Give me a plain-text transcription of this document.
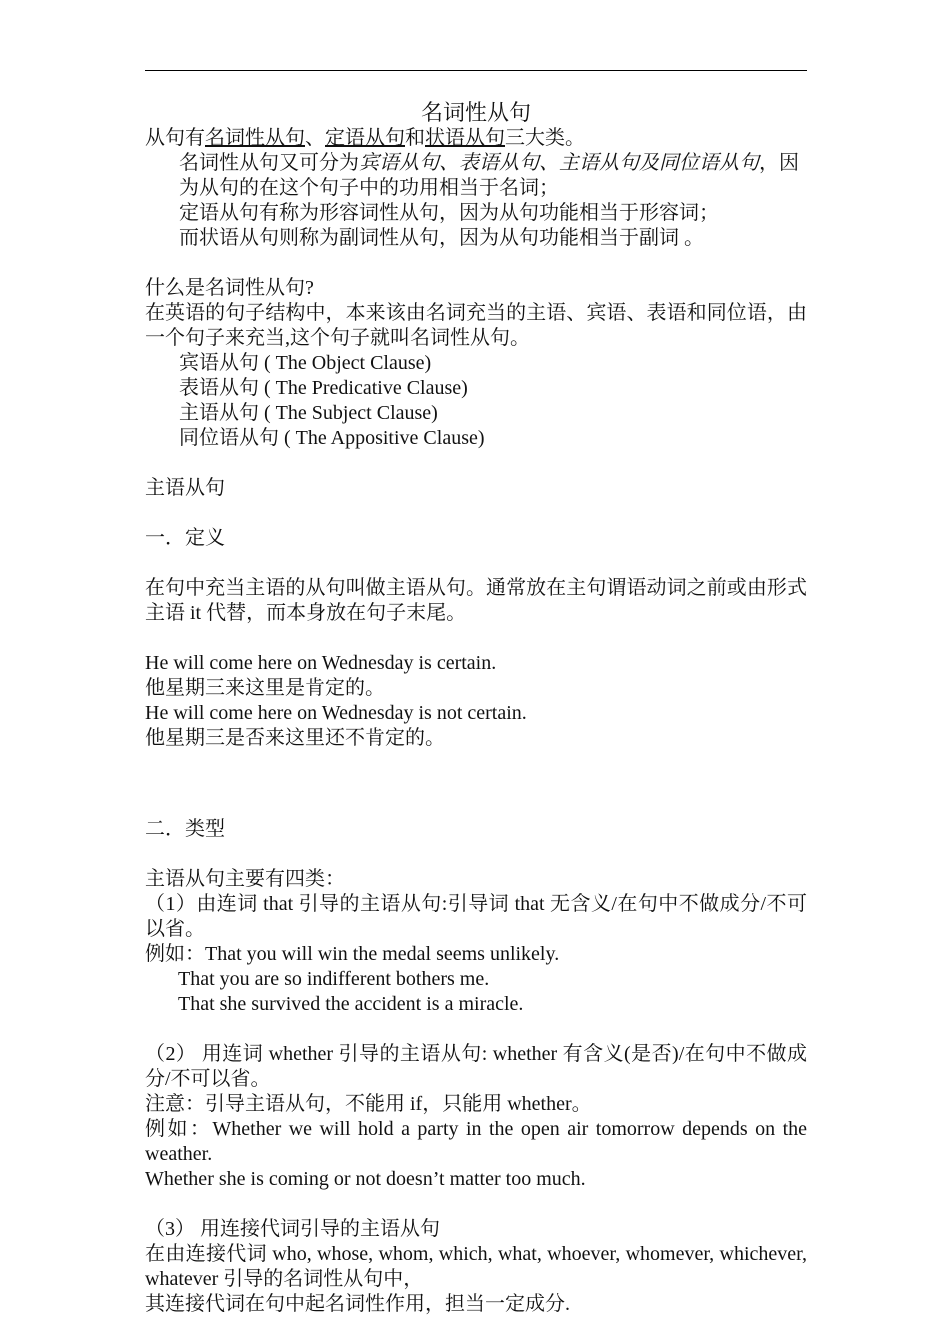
名词性从句
从句有名词性从句、定语从句和状语从句三大类。
名词性从句又可分为宾语从句、表语从句、主语从句及同位语从句，因为从句的在这个句子中的功用相当于名词；
定语从句有称为形容词性从句，因为从句功能相当于形容词；
而状语从句则称为副词性从句，因为从句功能相当于副词 。
什么是名词性从句?
在英语的句子结构中，本来该由名词充当的主语、宾语、表语和同位语，由一个句子来充当,这个句子就叫名词性从句。
宾语从句 ( The Object Clause)
表语从句 ( The Predicative Clause)
主语从句 ( The Subject Clause)
同位语从句 ( The Appositive Clause)
主语从句
一．定义
在句中充当主语的从句叫做主语从句。通常放在主句谓语动词之前或由形式主语 it 代替，而本身放在句子末尾。
He will come here on Wednesday is certain.
他星期三来这里是肯定的。
He will come here on Wednesday is not certain.
他星期三是否来这里还不肯定的。
二．类型
主语从句主要有四类：
（1）由连词 that 引导的主语从句:引导词 that 无含义/在句中不做成分/不可以省。
例如：That you will win the medal seems unlikely.
That you are so indifferent bothers me.
That she survived the accident is a miracle.
（2） 用连词 whether 引导的主语从句: whether 有含义(是否)/在句中不做成分/不可以省。
注意：引导主语从句，不能用 if，只能用 whether。
例如：Whether we will hold a party in the open air tomorrow depends on the weather.
Whether she is coming or not doesn’t matter too much.
（3） 用连接代词引导的主语从句
在由连接代词 who, whose, whom, which, what, whoever, whomever, whichever, whatever 引导的名词性从句中，
其连接代词在句中起名词性作用，担当一定成分.
